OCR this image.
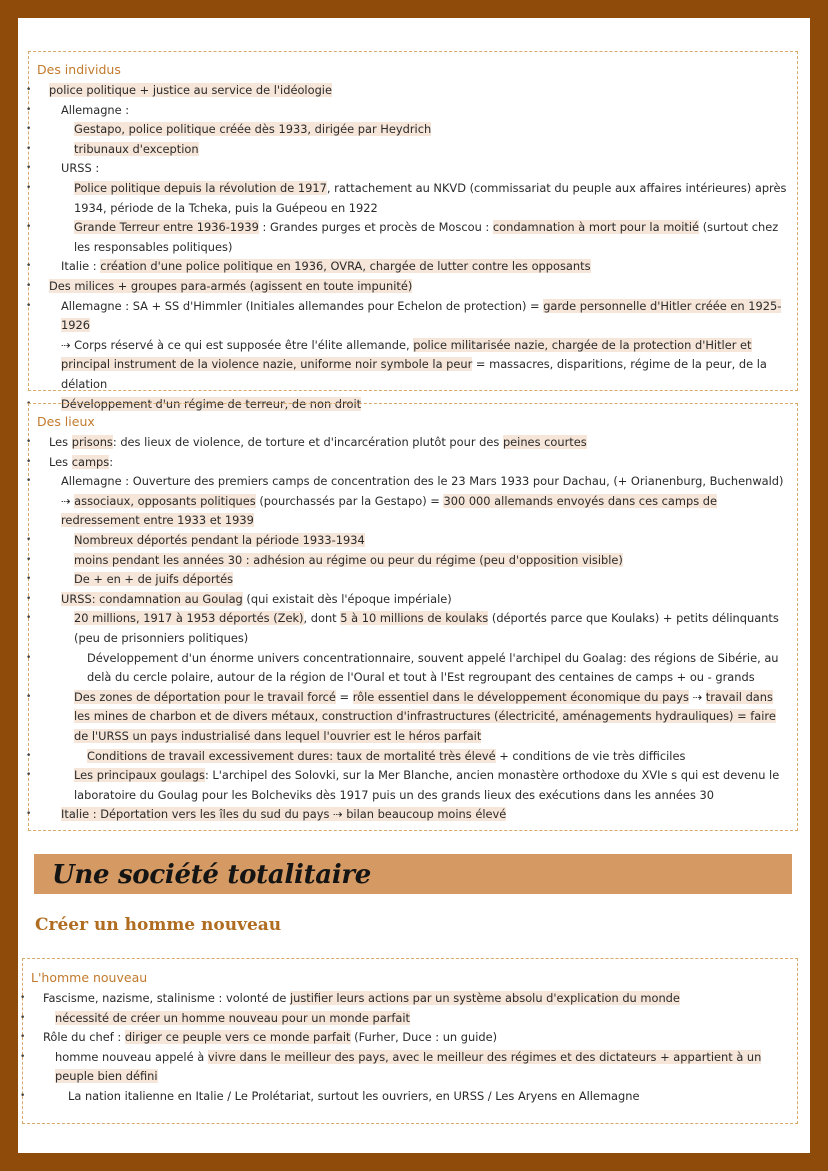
Des individus
• police politique + justice au service de l'idéologie
• Allemagne :
• Gestapo, police politique créée dès 1933, dirigée par Heydrich
• tribunaux d'exception
• URSS :
• Police politique depuis la révolution de 1917, rattachement au NKVD (commissariat du peuple aux affaires intérieures) après 1934, période de la Tcheka, puis la Guépeou en 1922
• Grande Terreur entre 1936-1939 : Grandes purges et procès de Moscou : condamnation à mort pour la moitié (surtout chez les responsables politiques)
• Italie : création d'une police politique en 1936, OVRA, chargée de lutter contre les opposants
• Des milices + groupes para-armés (agissent en toute impunité)
• Allemagne : SA + SS d'Himmler (Initiales allemandes pour Echelon de protection) = garde personnelle d'Hitler créée en 1925-1926
⇢ Corps réservé à ce qui est supposée être l'élite allemande, police militarisée nazie, chargée de la protection d'Hitler et principal instrument de la violence nazie, uniforme noir symbole la peur = massacres, disparitions, régime de la peur, de la délation
• Développement d'un régime de terreur, de non droit
Des lieux
• Les prisons: des lieux de violence, de torture et d'incarcération plutôt pour des peines courtes
• Les camps:
• Allemagne : Ouverture des premiers camps de concentration des le 23 Mars 1933 pour Dachau, (+ Orianenburg, Buchenwald) ⇢ associaux, opposants politiques (pourchassés par la Gestapo) = 300 000 allemands envoyés dans ces camps de redressement entre 1933 et 1939
• Nombreux déportés pendant la période 1933-1934
• moins pendant les années 30 : adhésion au régime ou peur du régime (peu d'opposition visible)
• De + en + de juifs déportés
• URSS: condamnation au Goulag (qui existait dès l'époque impériale)
• 20 millions, 1917 à 1953 déportés (Zek), dont 5 à 10 millions de koulaks (déportés parce que Koulaks) + petits délinquants (peu de prisonniers politiques)
• Développement d'un énorme univers concentrationnaire, souvent appelé l'archipel du Goalag: des régions de Sibérie, au delà du cercle polaire, autour de la région de l'Oural et tout à l'Est regroupant des centaines de camps + ou - grands
• Des zones de déportation pour le travail forcé = rôle essentiel dans le développement économique du pays ⇢ travail dans les mines de charbon et de divers métaux, construction d'infrastructures (électricité, aménagements hydrauliques) = faire de l'URSS un pays industrialisé dans lequel l'ouvrier est le héros parfait
• Conditions de travail excessivement dures: taux de mortalité très élevé + conditions de vie très difficiles
• Les principaux goulags: L'archipel des Solovki, sur la Mer Blanche, ancien monastère orthodoxe du XVIe s qui est devenu le laboratoire du Goulag pour les Bolcheviks dès 1917 puis un des grands lieux des exécutions dans les années 30
• Italie : Déportation vers les îles du sud du pays ⇢ bilan beaucoup moins élevé
Une société totalitaire
Créer un homme nouveau
L'homme nouveau
• Fascisme, nazisme, stalinisme : volonté de justifier leurs actions par un système absolu d'explication du monde
• nécessité de créer un homme nouveau pour un monde parfait
• Rôle du chef : diriger ce peuple vers ce monde parfait (Furher, Duce : un guide)
• homme nouveau appelé à vivre dans le meilleur des pays, avec le meilleur des régimes et des dictateurs + appartient à un peuple bien défini
• La nation italienne en Italie / Le Prolétariat, surtout les ouvriers, en URSS / Les Aryens en Allemagne
